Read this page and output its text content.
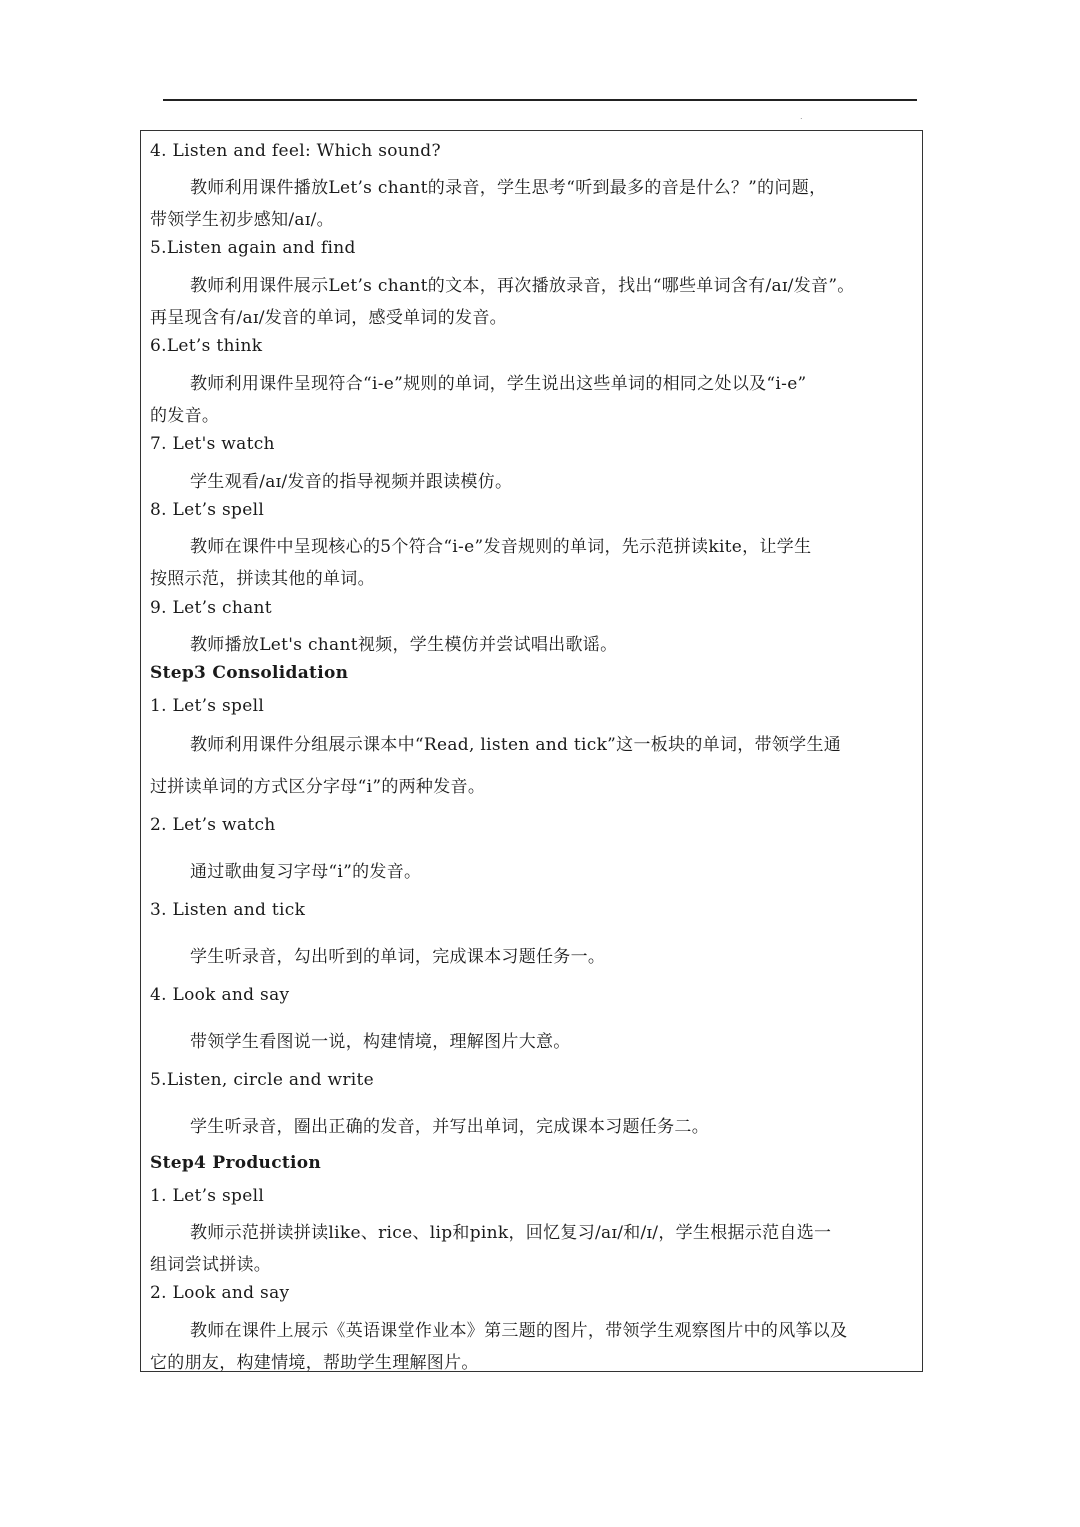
.
4. Listen and feel: Which sound?
教师利用课件播放Let’s chant的录音，学生思考“听到最多的音是什么？”的问题，
带领学生初步感知/aɪ/。
5.Listen again and find
教师利用课件展示Let’s chant的文本，再次播放录音，找出“哪些单词含有/aɪ/发音”。
再呈现含有/aɪ/发音的单词，感受单词的发音。
6.Let’s think
教师利用课件呈现符合“i-e”规则的单词，学生说出这些单词的相同之处以及“i-e”
的发音。
7. Let's watch
学生观看/aɪ/发音的指导视频并跟读模仿。
8. Let’s spell
教师在课件中呈现核心的5个符合“i-e”发音规则的单词，先示范拼读kite，让学生
按照示范，拼读其他的单词。
9. Let’s chant
教师播放Let's chant视频，学生模仿并尝试唱出歌谣。
Step3 Consolidation
1. Let’s spell
教师利用课件分组展示课本中“Read, listen and tick”这一板块的单词，带领学生通
过拼读单词的方式区分字母“i”的两种发音。
2. Let’s watch
通过歌曲复习字母“i”的发音。
3. Listen and tick
学生听录音，勾出听到的单词，完成课本习题任务一。
4. Look and say
带领学生看图说一说，构建情境，理解图片大意。
5.Listen, circle and write
学生听录音，圈出正确的发音，并写出单词，完成课本习题任务二。
Step4 Production
1. Let’s spell
教师示范拼读拼读like、rice、lip和pink，回忆复习/aɪ/和/ɪ/，学生根据示范自选一
组词尝试拼读。
2. Look and say
教师在课件上展示《英语课堂作业本》第三题的图片，带领学生观察图片中的风筝以及
它的朋友，构建情境，帮助学生理解图片。
